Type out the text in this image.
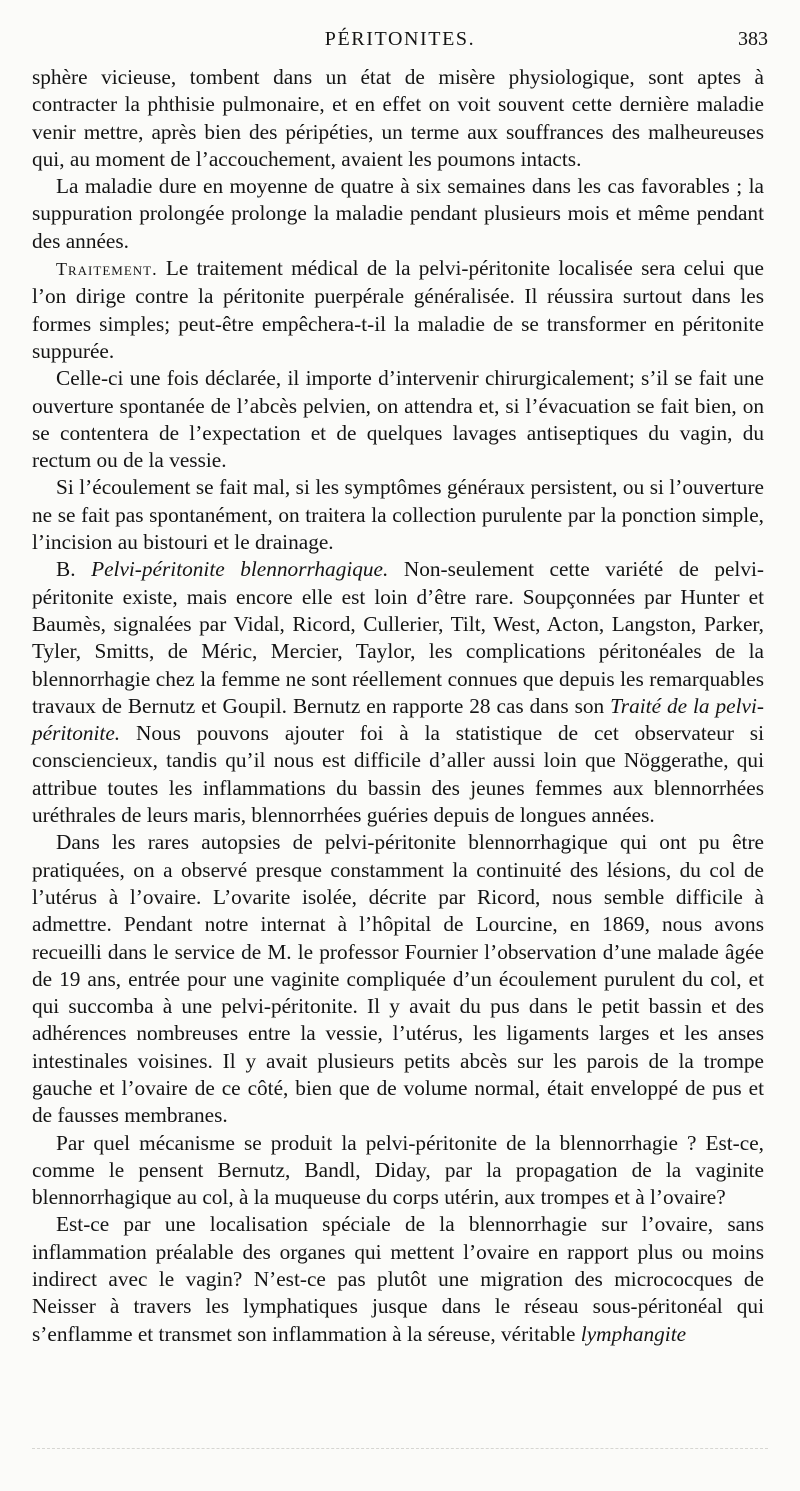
PÉRITONITES.	383

sphère vicieuse, tombent dans un état de misère physiologique, sont aptes à contracter la phthisie pulmonaire, et en effet on voit souvent cette dernière maladie venir mettre, après bien des péripéties, un terme aux souffrances des malheureuses qui, au moment de l’accouchement, avaient les poumons intacts.

La maladie dure en moyenne de quatre à six semaines dans les cas favorables ; la suppuration prolongée prolonge la maladie pendant plusieurs mois et même pendant des années.

Traitement. Le traitement médical de la pelvi-péritonite localisée sera celui que l’on dirige contre la péritonite puerpérale généralisée. Il réussira surtout dans les formes simples; peut-être empêchera-t-il la maladie de se transformer en péritonite suppurée.

Celle-ci une fois déclarée, il importe d’intervenir chirurgicalement; s’il se fait une ouverture spontanée de l’abcès pelvien, on attendra et, si l’évacuation se fait bien, on se contentera de l’expectation et de quelques lavages antiseptiques du vagin, du rectum ou de la vessie.

Si l’écoulement se fait mal, si les symptômes généraux persistent, ou si l’ouverture ne se fait pas spontanément, on traitera la collection purulente par la ponction simple, l’incision au bistouri et le drainage.

B. Pelvi-péritonite blennorrhagique. Non-seulement cette variété de pelvi-péritonite existe, mais encore elle est loin d’être rare. Soupçonnées par Hunter et Baumès, signalées par Vidal, Ricord, Cullerier, Tilt, West, Acton, Langston, Parker, Tyler, Smitts, de Méric, Mercier, Taylor, les complications péritonéales de la blennorrhagie chez la femme ne sont réellement connues que depuis les remarquables travaux de Bernutz et Goupil. Bernutz en rapporte 28 cas dans son Traité de la pelvi-péritonite. Nous pouvons ajouter foi à la statistique de cet observateur si consciencieux, tandis qu’il nous est difficile d’aller aussi loin que Nöggerathe, qui attribue toutes les inflammations du bassin des jeunes femmes aux blennorrhées uréthrales de leurs maris, blennorrhées guéries depuis de longues années.

Dans les rares autopsies de pelvi-péritonite blennorrhagique qui ont pu être pratiquées, on a observé presque constamment la continuité des lésions, du col de l’utérus à l’ovaire. L’ovarite isolée, décrite par Ricord, nous semble difficile à admettre. Pendant notre internat à l’hôpital de Lourcine, en 1869, nous avons recueilli dans le service de M. le professor Fournier l’observation d’une malade âgée de 19 ans, entrée pour une vaginite compliquée d’un écoulement purulent du col, et qui succomba à une pelvi-péritonite. Il y avait du pus dans le petit bassin et des adhérences nombreuses entre la vessie, l’utérus, les ligaments larges et les anses intestinales voisines. Il y avait plusieurs petits abcès sur les parois de la trompe gauche et l’ovaire de ce côté, bien que de volume normal, était enveloppé de pus et de fausses membranes.

Par quel mécanisme se produit la pelvi-péritonite de la blennorrhagie ? Est-ce, comme le pensent Bernutz, Bandl, Diday, par la propagation de la vaginite blennorrhagique au col, à la muqueuse du corps utérin, aux trompes et à l’ovaire?

Est-ce par une localisation spéciale de la blennorrhagie sur l’ovaire, sans inflammation préalable des organes qui mettent l’ovaire en rapport plus ou moins indirect avec le vagin? N’est-ce pas plutôt une migration des micrococques de Neisser à travers les lymphatiques jusque dans le réseau sous-péritonéal qui s’enflamme et transmet son inflammation à la séreuse, véritable lymphangite
